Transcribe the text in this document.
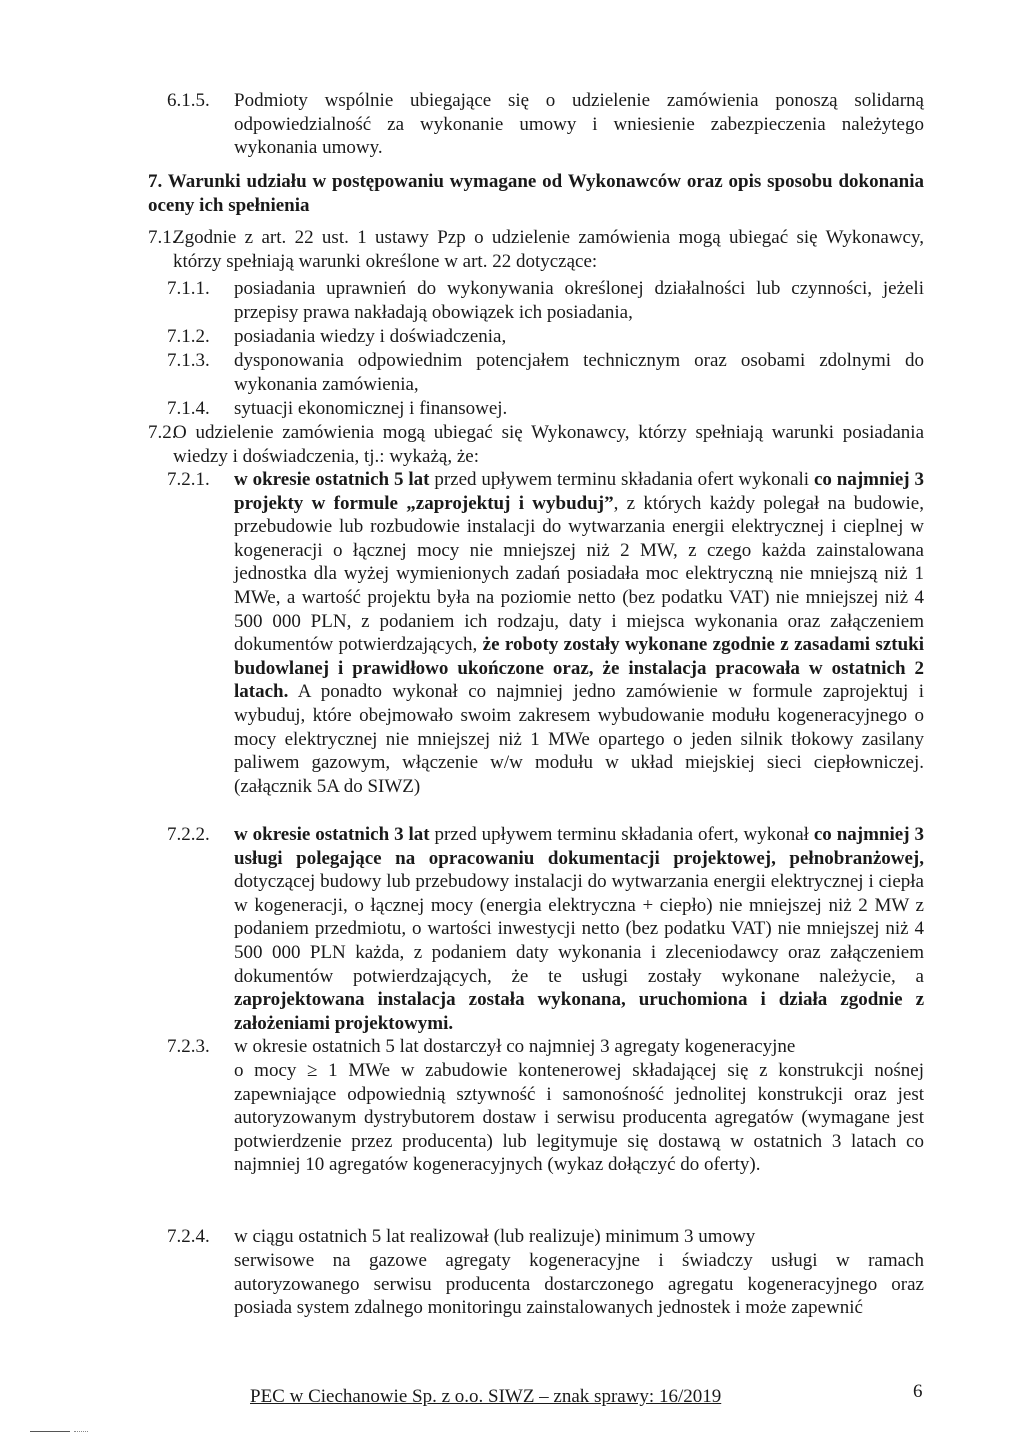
6.1.5. Podmioty wspólnie ubiegające się o udzielenie zamówienia ponoszą solidarną odpowiedzialność za wykonanie umowy i wniesienie zabezpieczenia należytego wykonania umowy.

7. Warunki udziału w postępowaniu wymagane od Wykonawców oraz opis sposobu dokonania oceny ich spełnienia

7.1.

Zgodnie z art. 22 ust. 1 ustawy Pzp o udzielenie zamówienia mogą ubiegać się Wykonawcy, którzy spełniają warunki określone w art. 22 dotyczące:

7.1.1. posiadania uprawnień do wykonywania określonej działalności lub czynności, jeżeli przepisy prawa nakładają obowiązek ich posiadania,

7.1.2. posiadania wiedzy i doświadczenia,

7.1.3. dysponowania odpowiednim potencjałem technicznym oraz osobami zdolnymi do wykonania zamówienia,

7.1.4. sytuacji ekonomicznej i finansowej.

7.2.

O udzielenie zamówienia mogą ubiegać się Wykonawcy, którzy spełniają warunki posiadania wiedzy i doświadczenia, tj.: wykażą, że:

7.2.1. w okresie ostatnich 5 lat przed upływem terminu składania ofert wykonali co najmniej 3 projekty w formule „zaprojektuj i wybuduj”, z których każdy polegał na budowie, przebudowie lub rozbudowie instalacji do wytwarzania energii elektrycznej i cieplnej w kogeneracji o łącznej mocy nie mniejszej niż 2 MW, z czego każda zainstalowana jednostka dla wyżej wymienionych zadań posiadała moc elektryczną nie mniejszą niż 1 MWe, a wartość projektu była na poziomie netto (bez podatku VAT) nie mniejszej niż 4 500 000 PLN, z podaniem ich rodzaju, daty i miejsca wykonania oraz załączeniem dokumentów potwierdzających, że roboty zostały wykonane zgodnie z zasadami sztuki budowlanej i prawidłowo ukończone oraz, że instalacja pracowała w ostatnich 2 latach. A ponadto wykonał co najmniej jedno zamówienie w formule zaprojektuj i wybuduj, które obejmowało swoim zakresem wybudowanie modułu kogeneracyjnego o mocy elektrycznej nie mniejszej niż 1 MWe opartego o jeden silnik tłokowy zasilany paliwem gazowym, włączenie w/w modułu w układ miejskiej sieci ciepłowniczej. (załącznik 5A do SIWZ)

7.2.2. w okresie ostatnich 3 lat przed upływem terminu składania ofert, wykonał co najmniej 3 usługi polegające na opracowaniu dokumentacji projektowej, pełnobranżowej, dotyczącej budowy lub przebudowy instalacji do wytwarzania energii elektrycznej i ciepła w kogeneracji, o łącznej mocy (energia elektryczna + ciepło) nie mniejszej niż 2 MW z podaniem przedmiotu, o wartości inwestycji netto (bez podatku VAT) nie mniejszej niż 4 500 000 PLN każda, z podaniem daty wykonania i zleceniodawcy oraz załączeniem dokumentów potwierdzających, że te usługi zostały wykonane należycie, a zaprojektowana instalacja została wykonana, uruchomiona i działa zgodnie z założeniami projektowymi.

7.2.3. w okresie ostatnich 5 lat dostarczył co najmniej 3 agregaty kogeneracyjne

o mocy ≥ 1 MWe w zabudowie kontenerowej składającej się z konstrukcji nośnej zapewniające odpowiednią sztywność i samonośność jednolitej konstrukcji oraz jest autoryzowanym dystrybutorem dostaw i serwisu producenta agregatów (wymagane jest potwierdzenie przez producenta) lub legitymuje się dostawą w ostatnich 3 latach co najmniej 10 agregatów kogeneracyjnych (wykaz dołączyć do oferty).

7.2.4. w ciągu ostatnich 5 lat realizował (lub realizuje) minimum 3 umowy

serwisowe na gazowe agregaty kogeneracyjne i świadczy usługi w ramach autoryzowanego serwisu producenta dostarczonego agregatu kogeneracyjnego oraz posiada system zdalnego monitoringu zainstalowanych jednostek i może zapewnić

PEC w Ciechanowie Sp. z o.o. SIWZ – znak sprawy: 16/2019	6
